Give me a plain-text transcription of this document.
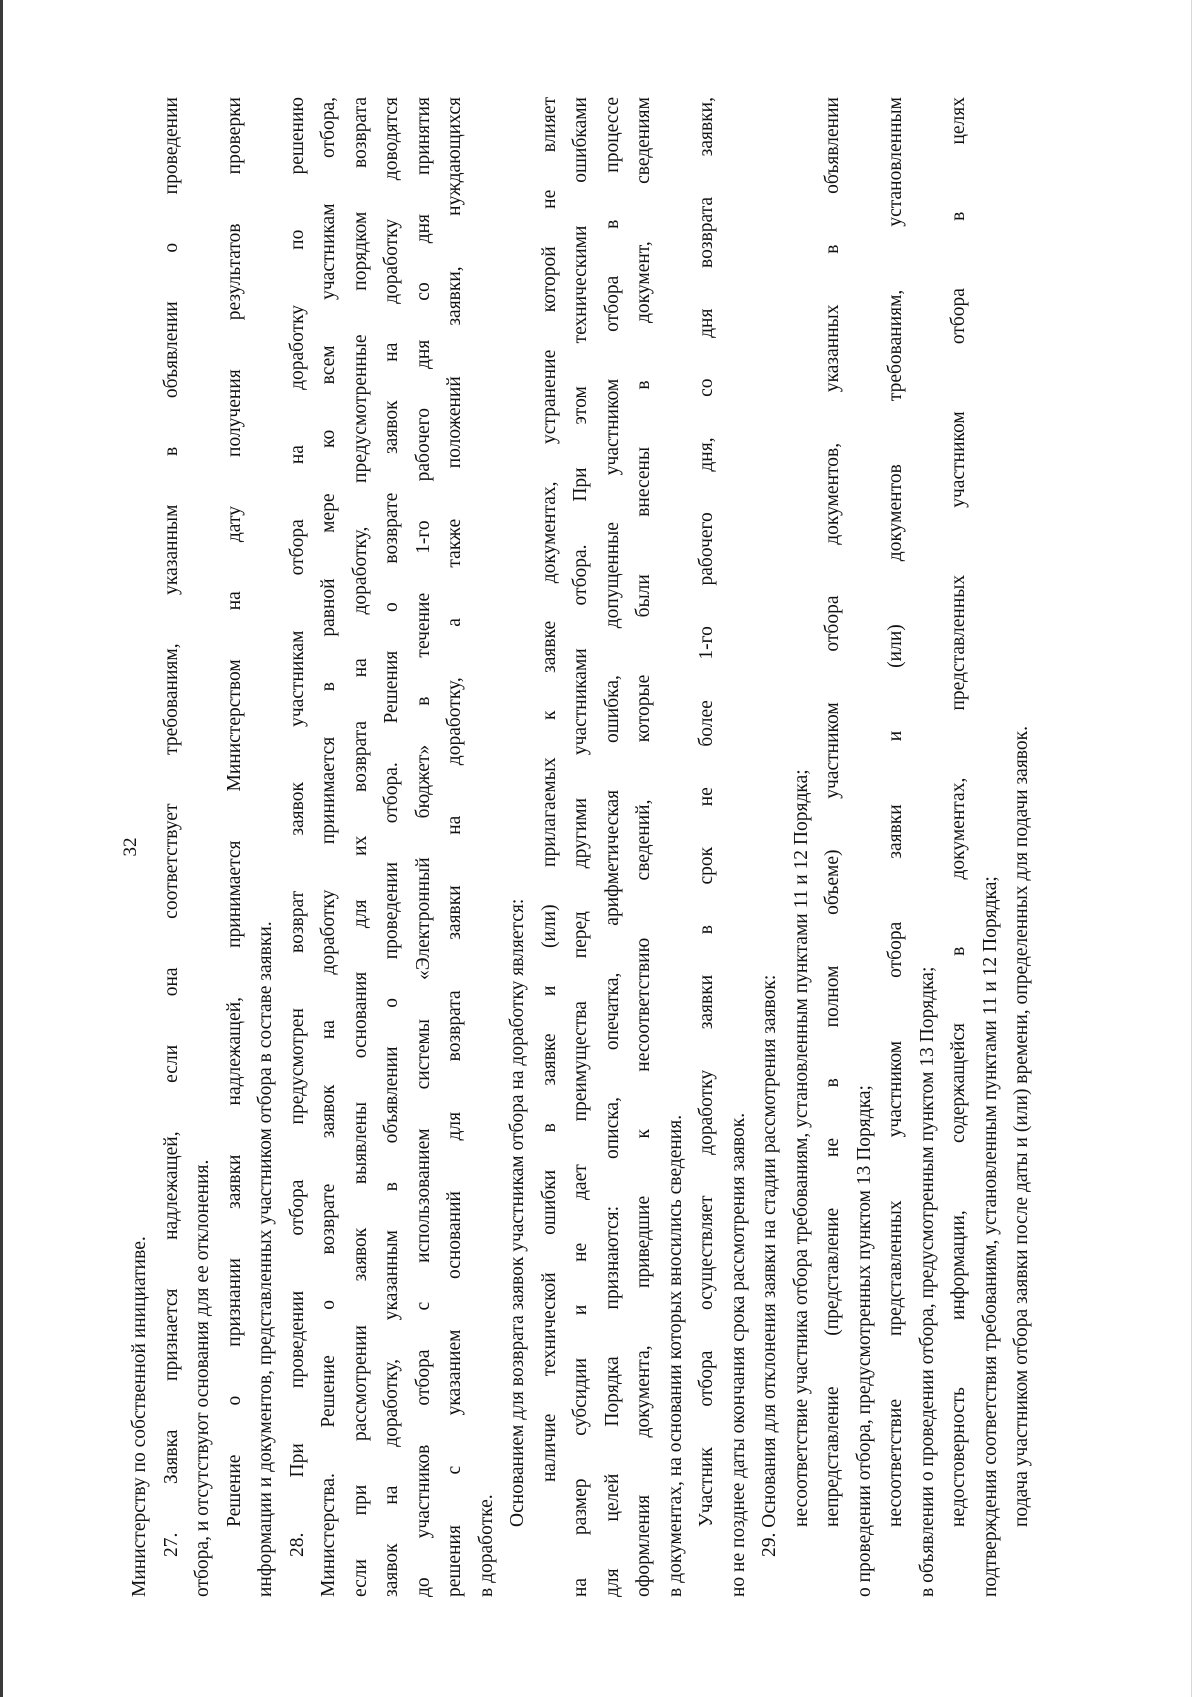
32
Министерству по собственной инициативе. 27. Заявка признается надлежащей, если она соответствует требованиям, указанным в объявлении о проведении отбора, и отсутствуют основания для ее отклонения. Решение о признании заявки надлежащей, принимается Министерством на дату получения результатов проверки информации и документов, представленных участником отбора в составе заявки. 28. При проведении отбора предусмотрен возврат заявок участникам отбора на доработку по решению Министерства. Решение о возврате заявок на доработку принимается в равной мере ко всем участникам отбора, если при рассмотрении заявок выявлены основания для их возврата на доработку, предусмотренные порядком возврата заявок на доработку, указанным в объявлении о проведении отбора. Решения о возврате заявок на доработку доводятся до участников отбора с использованием системы «Электронный бюджет» в течение 1-го рабочего дня со дня принятия решения с указанием оснований для возврата заявки на доработку, а также положений заявки, нуждающихся в доработке.
Основанием для возврата заявок участникам отбора на доработку является: наличие технической ошибки в заявке и (или) прилагаемых к заявке документах, устранение которой не влияет на размер субсидии и не дает преимущества перед другими участниками отбора. При этом техническими ошибками для целей Порядка признаются: описка, опечатка, арифметическая ошибка, допущенные участником отбора в процессе оформления документа, приведшие к несоответствию сведений, которые были внесены в документ, сведениям в документах, на основании которых вносились сведения. Участник отбора осуществляет доработку заявки в срок не более 1-го рабочего дня, со дня возврата заявки, но не позднее даты окончания срока рассмотрения заявок. 29. Основания для отклонения заявки на стадии рассмотрения заявок: несоответствие участника отбора требованиям, установленным пунктами 11 и 12 Порядка; непредставление (представление не в полном объеме) участником отбора документов, указанных в объявлении о проведении отбора, предусмотренных пунктом 13 Порядка; несоответствие представленных участником отбора заявки и (или) документов требованиям, установленным в объявлении о проведении отбора, предусмотренным пунктом 13 Порядка; недостоверность информации, содержащейся в документах, представленных участником отбора в целях подтверждения соответствия требованиям, установленным пунктами 11 и 12 Порядка; подача участником отбора заявки после даты и (или) времени, определенных для подачи заявок.
